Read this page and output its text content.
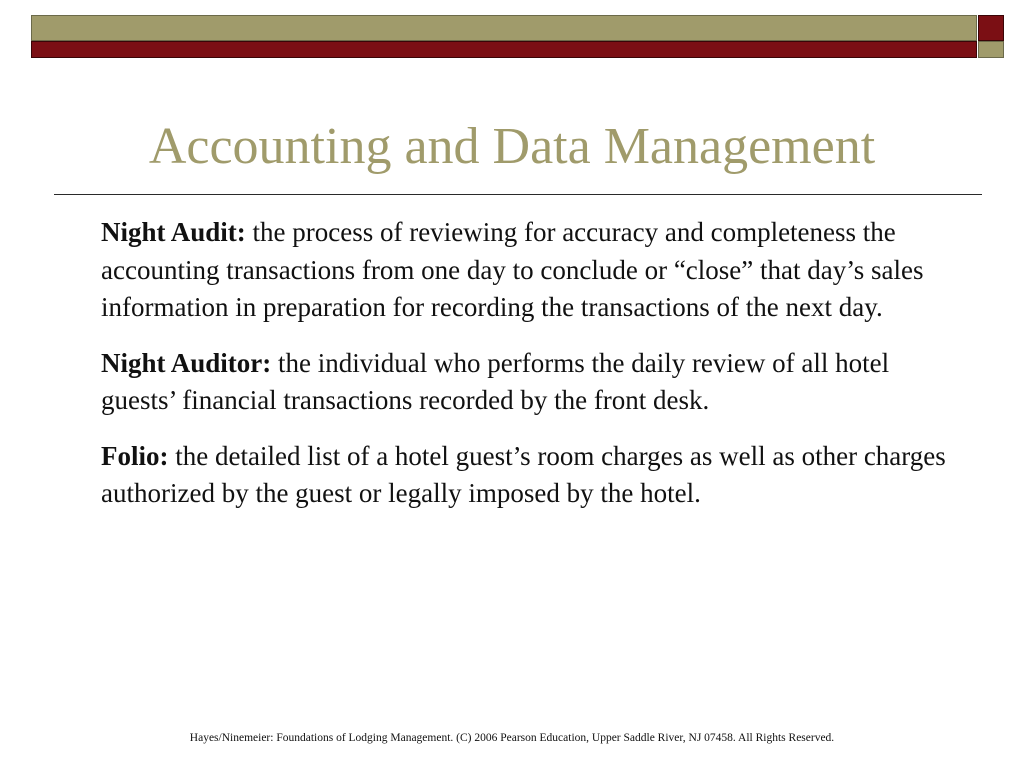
Accounting and Data Management

Night Audit: the process of reviewing for accuracy and completeness the accounting transactions from one day to conclude or “close” that day’s sales information in preparation for recording the transactions of the next day.

Night Auditor: the individual who performs the daily review of all hotel guests’ financial transactions recorded by the front desk.

Folio: the detailed list of a hotel guest’s room charges as well as other charges authorized by the guest or legally imposed by the hotel.

Hayes/Ninemeier: Foundations of Lodging Management. (C) 2006 Pearson Education, Upper Saddle River, NJ 07458. All Rights Reserved.
